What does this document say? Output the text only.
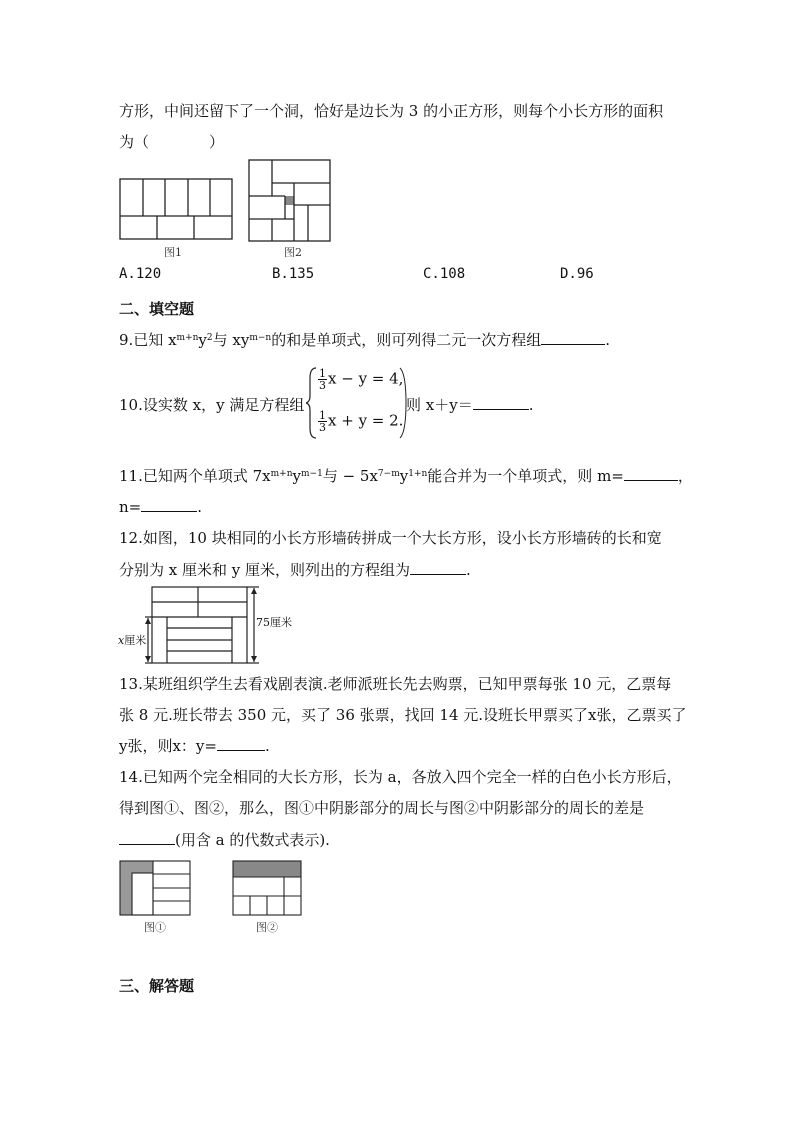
方形，中间还留下了一个洞，恰好是边长为 3 的小正方形，则每个小长方形的面积
为（	）
图1	图2
A.120	B.135	C.108	D.96
二、填空题
9.已知 $x^{m+n}y^2$与 $xy^{m-n}$的和是单项式，则可列得二元一次方程组	.
10.设实数 x，y 满足方程组
$\frac{1}{3}$ x − y = 4,
$\frac{1}{3}$ x + y = 2.
则 x＋y＝	.
11.已知两个单项式 $7x^{m+n}y^{m-1}$与 − $5x^{7-m}y^{1+n}$能合并为一个单项式，则 m=	，
n=	.
12.如图，10 块相同的小长方形墙砖拼成一个大长方形，设小长方形墙砖的长和宽
分别为 x 厘米和 y 厘米，则列出的方程组为	.
75厘米
x厘米
13.某班组织学生去看戏剧表演.老师派班长先去购票，已知甲票每张 10 元，乙票每
张 8 元.班长带去 350 元，买了 36 张票，找回 14 元.设班长甲票买了x张，乙票买了
y张，则x：y=	.
14.已知两个完全相同的大长方形，长为 a，各放入四个完全一样的白色小长方形后，
得到图①、图②，那么，图①中阴影部分的周长与图②中阴影部分的周长的差是
(用含 a 的代数式表示).
图①	图②
三、解答题
